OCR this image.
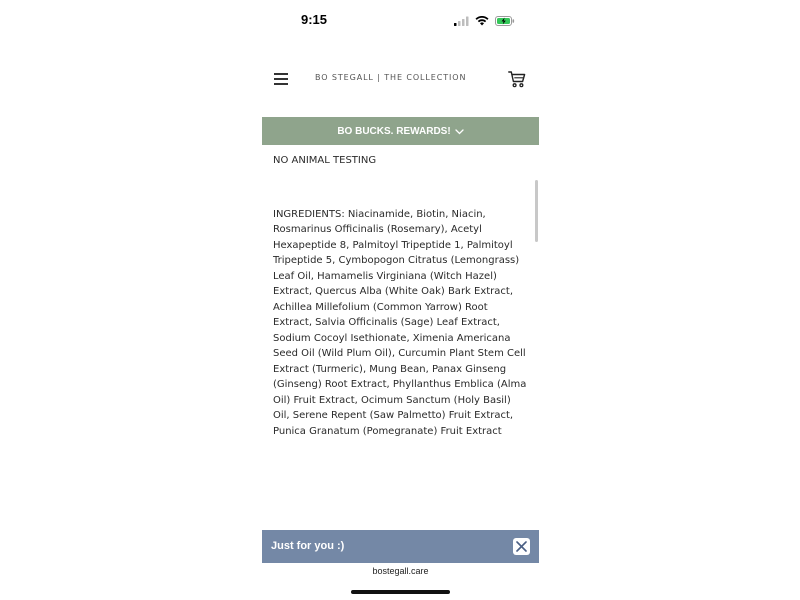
9:15
BO STEGALL | THE COLLECTION
BO BUCKS. REWARDS!

NO ANIMAL TESTING

INGREDIENTS: Niacinamide, Biotin, Niacin, Rosmarinus Officinalis (Rosemary), Acetyl Hexapeptide 8, Palmitoyl Tripeptide 1, Palmitoyl Tripeptide 5, Cymbopogon Citratus (Lemongrass) Leaf Oil, Hamamelis Virginiana (Witch Hazel) Extract, Quercus Alba (White Oak) Bark Extract, Achillea Millefolium (Common Yarrow) Root Extract, Salvia Officinalis (Sage) Leaf Extract, Sodium Cocoyl Isethionate, Ximenia Americana Seed Oil (Wild Plum Oil), Curcumin Plant Stem Cell Extract (Turmeric), Mung Bean, Panax Ginseng (Ginseng) Root Extract, Phyllanthus Emblica (Alma Oil) Fruit Extract, Ocimum Sanctum (Holy Basil) Oil, Serene Repent (Saw Palmetto) Fruit Extract, Punica Granatum (Pomegranate) Fruit Extract

Just for you :)
bostegall.care
